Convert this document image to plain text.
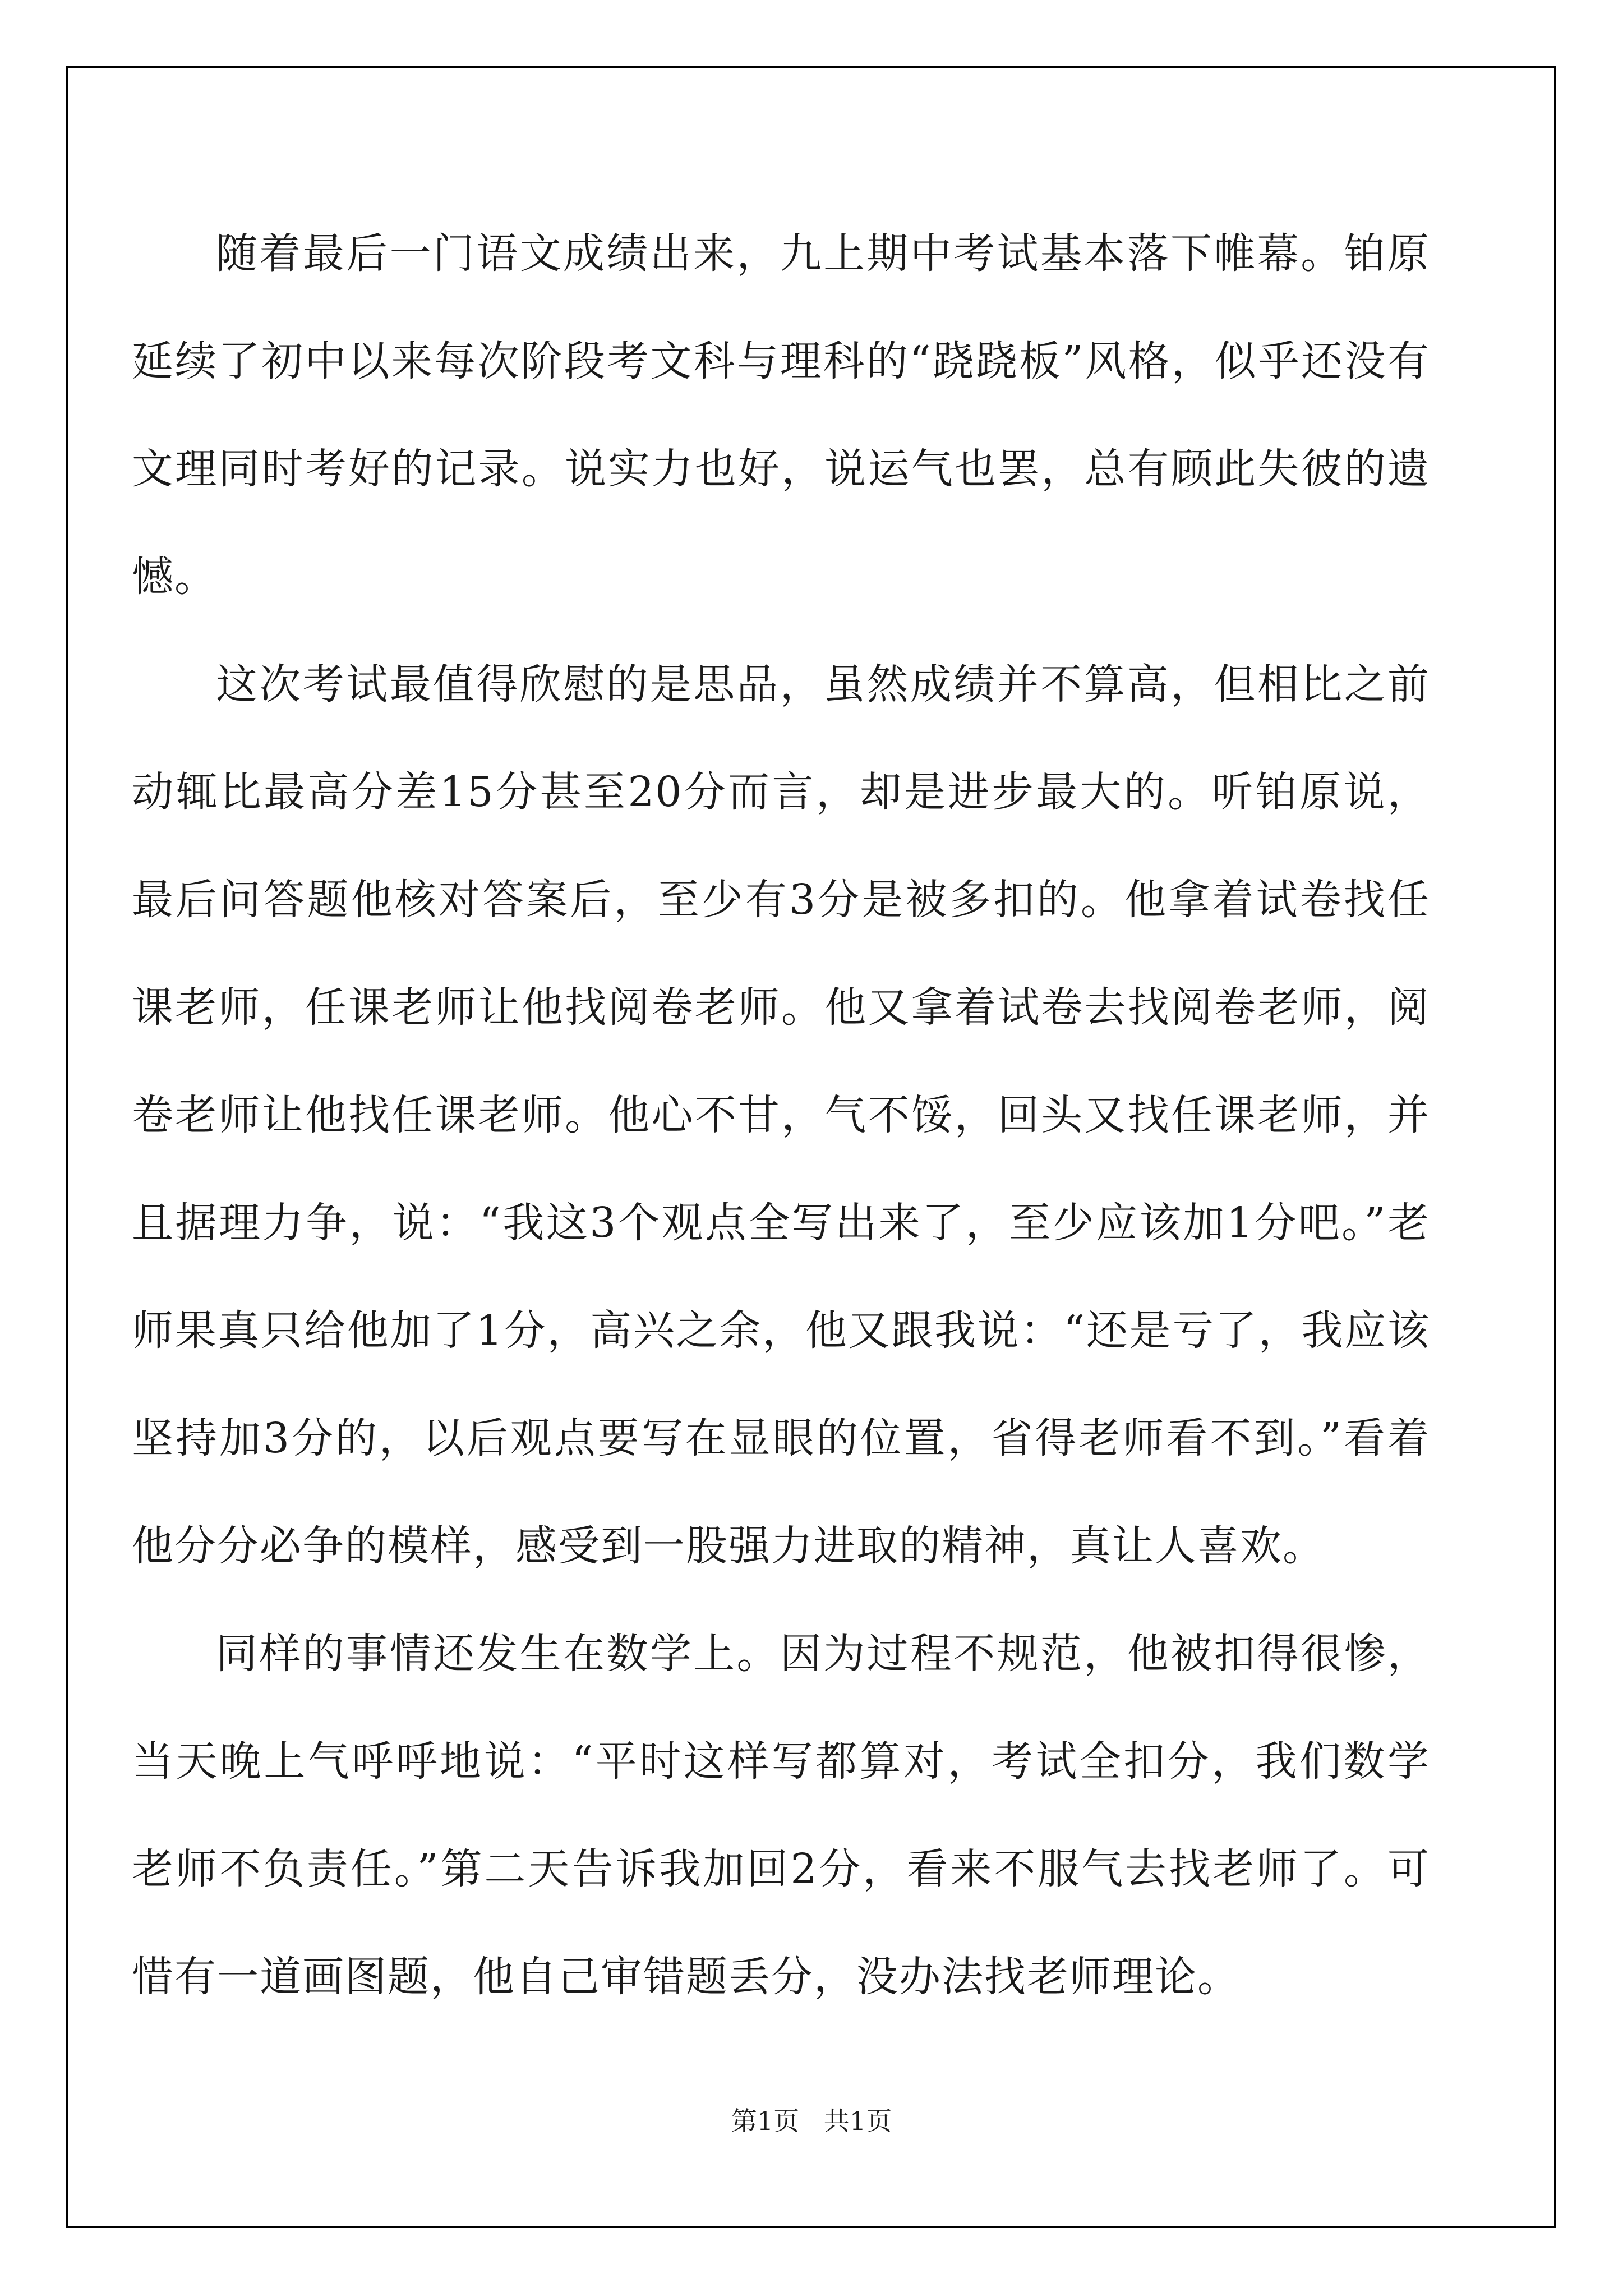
随着最后一门语文成绩出来，九上期中考试基本落下帷幕。铂原延续了初中以来每次阶段考文科与理科的“跷跷板”风格，似乎还没有文理同时考好的记录。说实力也好，说运气也罢，总有顾此失彼的遗憾。

这次考试最值得欣慰的是思品，虽然成绩并不算高，但相比之前动辄比最高分差15分甚至20分而言，却是进步最大的。听铂原说，最后问答题他核对答案后，至少有3分是被多扣的。他拿着试卷找任课老师，任课老师让他找阅卷老师。他又拿着试卷去找阅卷老师，阅卷老师让他找任课老师。他心不甘，气不馁，回头又找任课老师，并且据理力争，说：“我这3个观点全写出来了，至少应该加1分吧。”老师果真只给他加了1分，高兴之余，他又跟我说：“还是亏了，我应该坚持加3分的，以后观点要写在显眼的位置，省得老师看不到。”看着他分分必争的模样，感受到一股强力进取的精神，真让人喜欢。

同样的事情还发生在数学上。因为过程不规范，他被扣得很惨，当天晚上气呼呼地说：“平时这样写都算对，考试全扣分，我们数学老师不负责任。”第二天告诉我加回2分，看来不服气去找老师了。可惜有一道画图题，他自己审错题丢分，没办法找老师理论。

第1页   共1页
